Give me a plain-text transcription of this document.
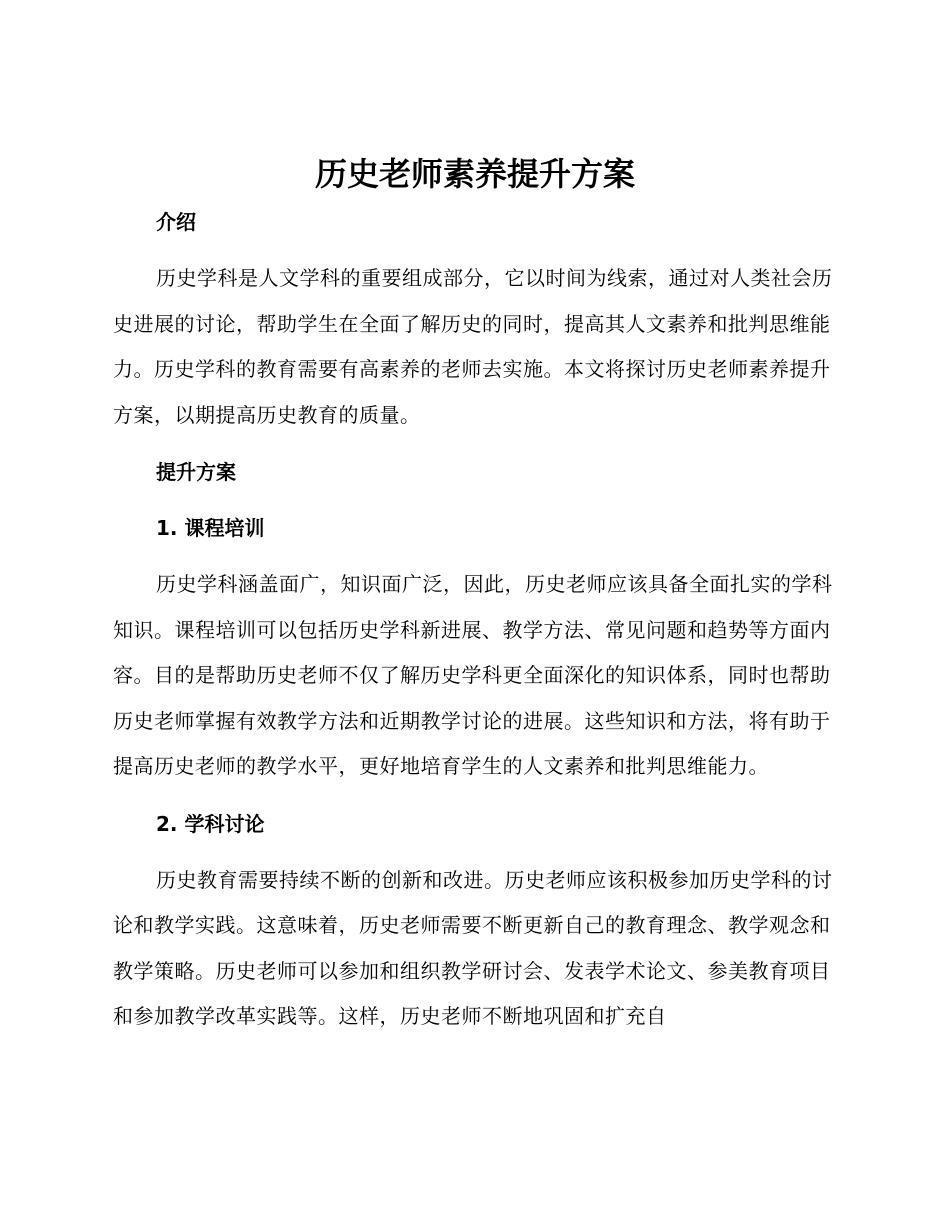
历史老师素养提升方案
介绍

历史学科是人文学科的重要组成部分，它以时间为线索，通过对人类社会历史进展的讨论，帮助学生在全面了解历史的同时，提高其人文素养和批判思维能力。历史学科的教育需要有高素养的老师去实施。本文将探讨历史老师素养提升方案，以期提高历史教育的质量。

提升方案
1. 课程培训

历史学科涵盖面广，知识面广泛，因此，历史老师应该具备全面扎实的学科知识。课程培训可以包括历史学科新进展、教学方法、常见问题和趋势等方面内容。目的是帮助历史老师不仅了解历史学科更全面深化的知识体系，同时也帮助历史老师掌握有效教学方法和近期教学讨论的进展。这些知识和方法，将有助于提高历史老师的教学水平，更好地培育学生的人文素养和批判思维能力。

2. 学科讨论

历史教育需要持续不断的创新和改进。历史老师应该积极参加历史学科的讨论和教学实践。这意味着，历史老师需要不断更新自己的教育理念、教学观念和教学策略。历史老师可以参加和组织教学研讨会、发表学术论文、参美教育项目和参加教学改革实践等。这样，历史老师不断地巩固和扩充自
